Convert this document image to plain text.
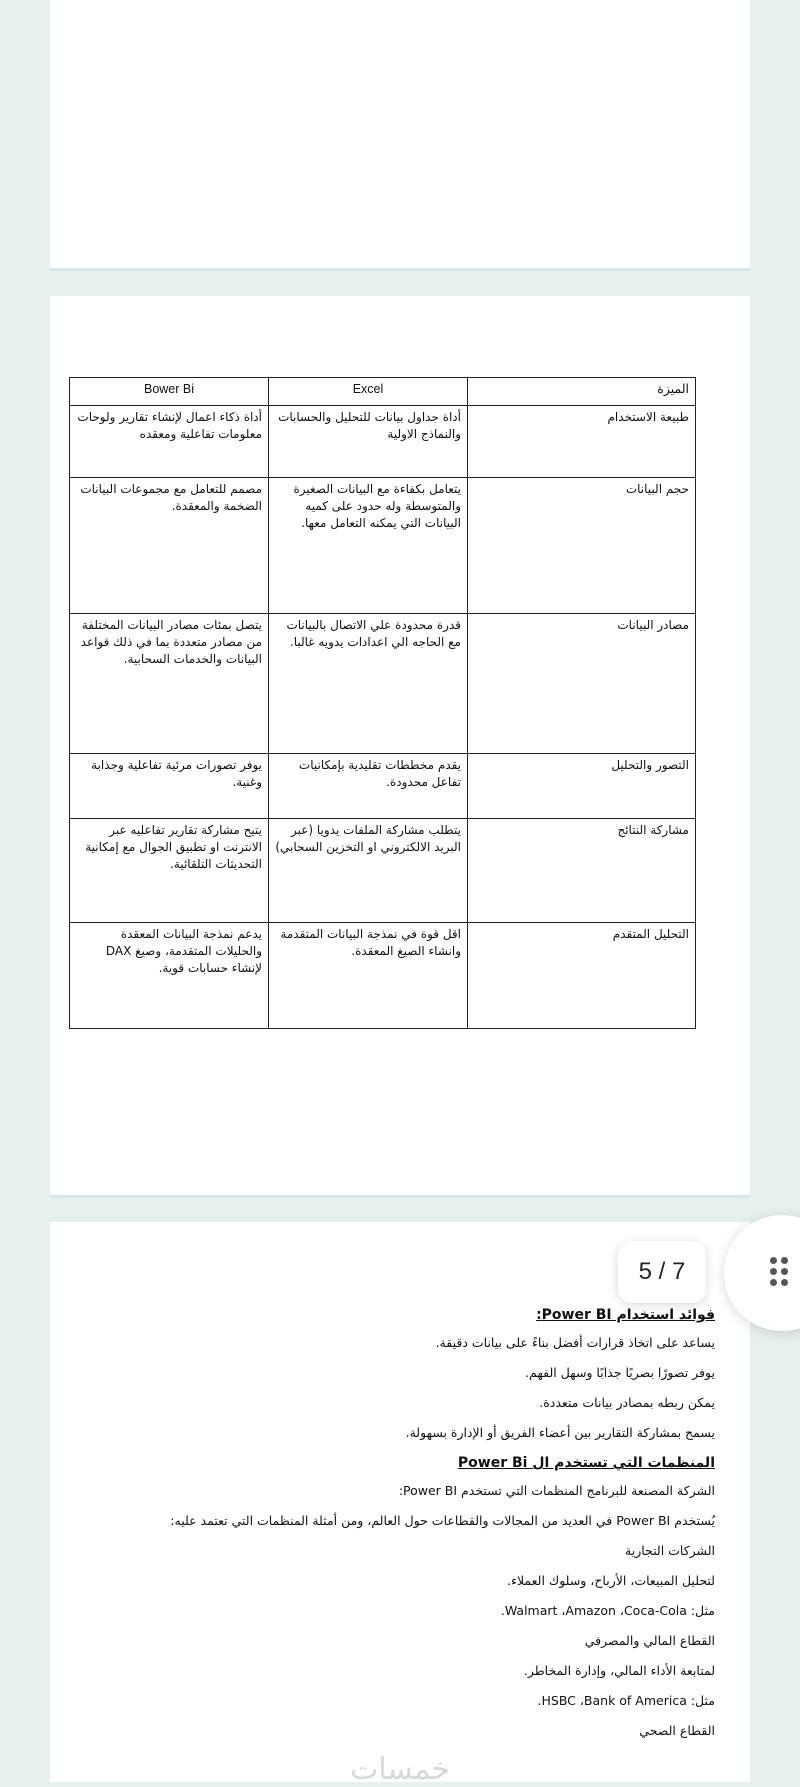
Bower Bi	Excel	الميزة
أداة ذكاء اعمال لإنشاء تقارير ولوحات معلومات تفاعلية ومعقده	أداة جداول بيانات للتحليل والحسابات والنماذج الاولية	طبيعة الاستخدام
مصمم للتعامل مع مجموعات البيانات الضخمة والمعقدة.	يتعامل بكفاءة مع البيانات الصغيرة والمتوسطة وله حدود على كميه البيانات التي يمكنه التعامل معها.	حجم البيانات
يتصل بمئات مصادر البيانات المختلفة من مصادر متعددة بما في ذلك قواعد البيانات والخدمات السحابية.	قدرة محدودة علي الاتصال بالبيانات مع الحاجه الي اعدادات يدويه غالبا.	مصادر البيانات
يوفر تصورات مرئية تفاعلية وجذابة وغنية.	يقدم مخططات تقليدية بإمكانيات تفاعل محدودة.	التصور والتحليل
يتيح مشاركة تقارير تفاعليه عبر الانترنت او تطبيق الجوال مع إمكانية التحديثات التلقائية.	يتطلب مشاركة الملفات يدويا (عبر البريد الالكتروني او التخزين السحابي)	مشاركة النتائج
يدعم نمذجة البيانات المعقدة والحليلات المتقدمة، وصيغ DAX لإنشاء حسابات قوية.	اقل قوة في نمذجة البيانات المتقدمة وانشاء الصيغ المعقدة.	التحليل المتقدم
فوائد استخدام Power BI:
يساعد على اتخاذ قرارات أفضل بناءً على بيانات دقيقة.
يوفر تصورًا بصريًا جذابًا وسهل الفهم.
يمكن ربطه بمصادر بيانات متعددة.
يسمح بمشاركة التقارير بين أعضاء الفريق أو الإدارة بسهولة.
المنظمات التي تستخدم ال Power Bi
الشركة المصنعة للبرنامج المنظمات التي تستخدم Power BI:
يُستخدم Power BI في العديد من المجالات والقطاعات حول العالم، ومن أمثلة المنظمات التي تعتمد عليه:
الشركات التجارية
لتحليل المبيعات، الأرباح، وسلوك العملاء.
مثل: Walmart ،Amazon ،Coca-Cola.
القطاع المالي والمصرفي
لمتابعة الأداء المالي، وإدارة المخاطر.
مثل: HSBC ،Bank of America.
القطاع الصحي
5 / 7
خمسات
